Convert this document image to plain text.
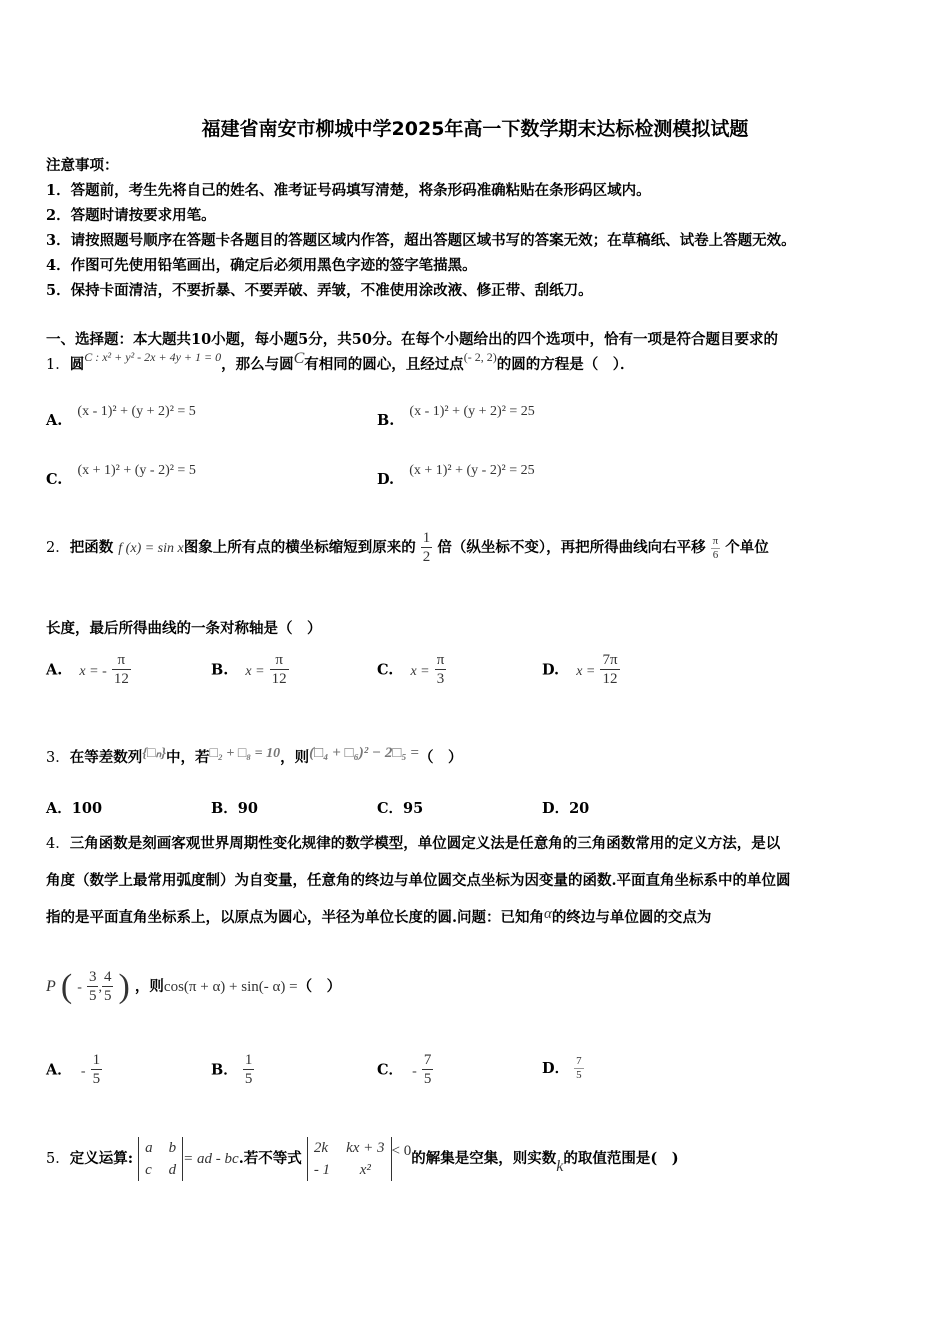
福建省南安市柳城中学2025年高一下数学期末达标检测模拟试题
注意事项：
1．答题前，考生先将自己的姓名、准考证号码填写清楚，将条形码准确粘贴在条形码区域内。
2．答题时请按要求用笔。
3．请按照题号顺序在答题卡各题目的答题区域内作答，超出答题区域书写的答案无效；在草稿纸、试卷上答题无效。
4．作图可先使用铅笔画出，确定后必须用黑色字迹的签字笔描黑。
5．保持卡面清洁，不要折暴、不要弄破、弄皱，不准使用涂改液、修正带、刮纸刀。
一、选择题：本大题共10小题，每小题5分，共50分。在每个小题给出的四个选项中，恰有一项是符合题目要求的
1．圆$^{C : x^2 + y^2 - 2x + 4y + 1 = 0}$，那么与圆C有相同的圆心，且经过点$^{(- 2, 2)}$的圆的方程是（　）．
A. (x - 1)² + (y + 2)² = 5
B. (x - 1)² + (y + 2)² = 25
C. (x + 1)² + (y - 2)² = 5
D. (x + 1)² + (y - 2)² = 25
2．把函数 f (x) = sin x图象上所有点的横坐标缩短到原来的 $\frac{1}{2}$ 倍（纵坐标不变），再把所得曲线向右平移 $\frac{\pi}{6}$ 个单位
长度，最后所得曲线的一条对称轴是（　）
A. x = - $\frac{\pi}{12}$	B. $x = \frac{\pi}{12}$	C. $x = \frac{\pi}{3}$	D. $x = \frac{7\pi}{12}$
3．在等差数列{□ₙ}中，若□₂ + □₈ = 10，则(□₄ + □₆)² − 2□₅ =（　）
A．100	B．90	C．95	D．20
4．三角函数是刻画客观世界周期性变化规律的数学模型，单位圆定义法是任意角的三角函数常用的定义方法，是以
角度（数学上最常用弧度制）为自变量，任意角的终边与单位圆交点坐标为因变量的函数.平面直角坐标系中的单位圆
指的是平面直角坐标系上，以原点为圆心，半径为单位长度的圆.问题：已知角α的终边与单位圆的交点为
P ( - $\frac{3}{5}$ , $\frac{4}{5}$ ) ，则cos(π + α) + sin(- α) =（　）
A． - $\frac{1}{5}$	B． $\frac{1}{5}$	C． - $\frac{7}{5}$	D． $\frac{7}{5}$
5．定义运算:
a b
c d
= ad - bc.若不等式
2k kx + 3
- 1	x²
< 0的解集是空集，则实数k的取值范围是(　)
